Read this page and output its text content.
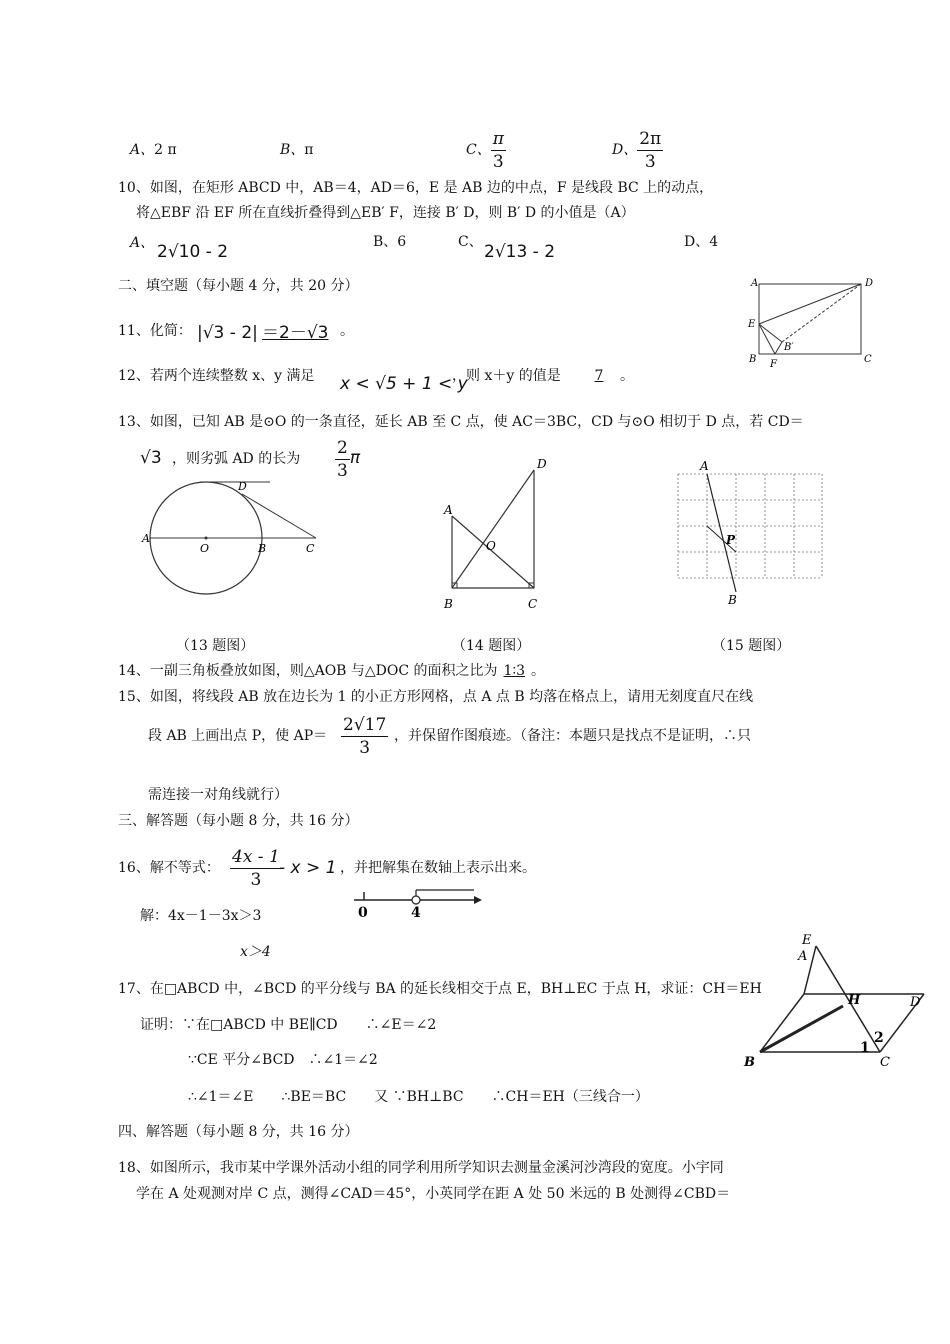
A、2 π	B、π	C、 $\frac{\pi}{3}$	D、 $\frac{2\pi}{3}$
10、如图，在矩形 ABCD 中，AB＝4，AD＝6，E 是 AB 边的中点，F 是线段 BC 上的动点，
将△EBF 沿 EF 所在直线折叠得到△EB′ F，连接 B′ D，则 B′ D 的小值是（A）
A、 2√10 - 2	B、6	C、 2√13 - 2	D、4
A	D
E
B F
B′
C
二、填空题（每小题 4 分，共 20 分）
11、化简： |√3 - 2| ＝2－√3 。
12、若两个连续整数 x、y 满足 x < √5 + 1 < y
，则 x＋y 的值是	7	。
13、如图，已知 AB 是⊙O 的一条直径，延长 AB 至 C 点，使 AC＝3BC，CD 与⊙O 相切于 D 点，若 CD＝
√3 ，则劣弧 AD 的长为 $\frac{2}{3}$ π
A
O	B	C
D
D
A
O
B	C
A
P
B
（13 题图）	（14 题图）	（15 题图）
14、一副三角板叠放如图，则△AOB 与△DOC 的面积之比为 1∶3 。
15、如图，将线段 AB 放在边长为 1 的小正方形网格，点 A 点 B 均落在格点上，请用无刻度直尺在线
段 AB 上画出点 P，使 $AP= \frac{2√17}{3}$ ，并保留作图痕迹。（备注：本题只是找点不是证明，∴只
需连接一对角线就行）
三、解答题（每小题 8 分，共 16 分）
16、解不等式： $\frac{4x - 1}{3}$
- x > 1 ，并把解集在数轴上表示出来。
0	4
解：4x－1－3x＞3
x＞4
17、在□ABCD 中，∠BCD 的平分线与 BA 的延长线相交于点 E，BH⊥EC 于点 H，求证：CH＝EH
证明：∵在□ABCD 中 BE∥CD　　∴∠E＝∠2
∵CE 平分∠BCD　∴∠1＝∠2
∴∠1＝∠E　　∴BE＝BC　　又 ∵BH⊥BC　　∴CH＝EH（三线合一）
E
A
H	D
B	C
1
2
四、解答题（每小题 8 分，共 16 分）
18、如图所示，我市某中学课外活动小组的同学利用所学知识去测量金溪河沙湾段的宽度。小宇同
学在 A 处观测对岸 C 点，测得∠CAD＝45°，小英同学在距 A 处 50 米远的 B 处测得∠CBD＝
